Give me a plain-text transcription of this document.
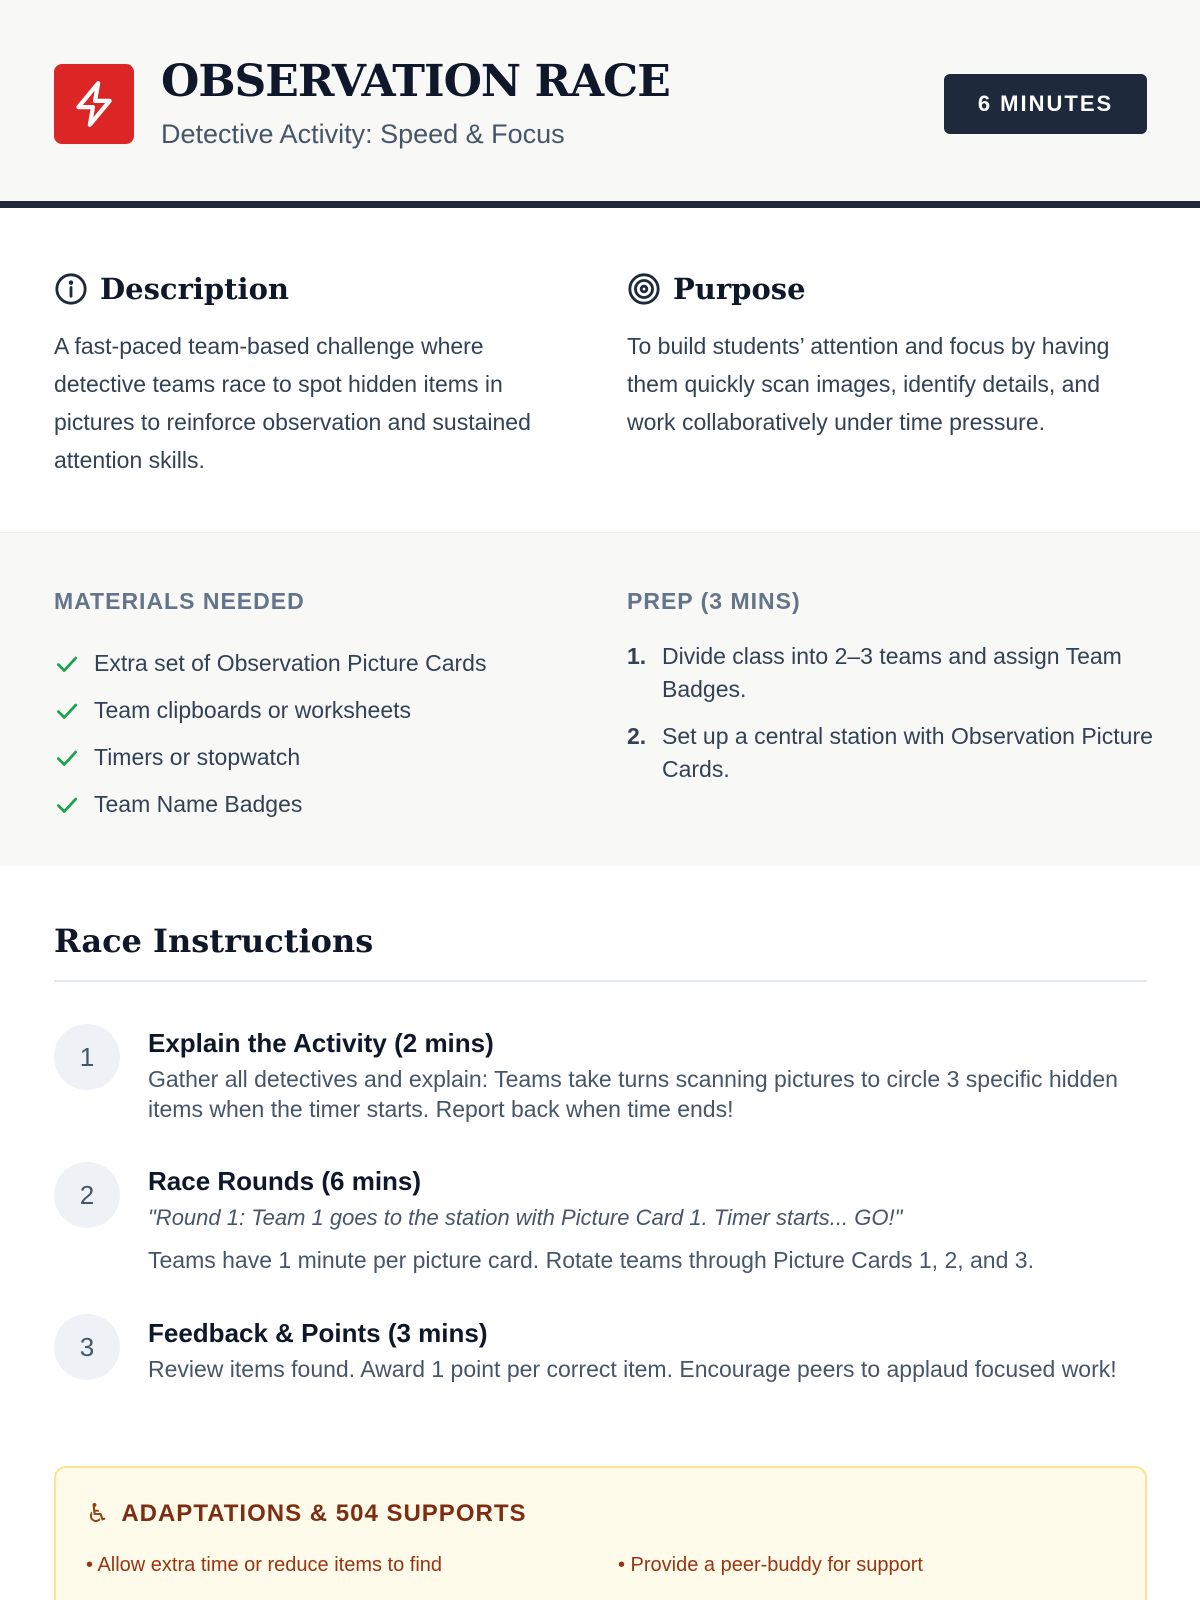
OBSERVATION RACE
Detective Activity: Speed & Focus
6 MINUTES
Description
A fast-paced team-based challenge where detective teams race to spot hidden items in pictures to reinforce observation and sustained attention skills.
Purpose
To build students’ attention and focus by having them quickly scan images, identify details, and work collaboratively under time pressure.
MATERIALS NEEDED
Extra set of Observation Picture Cards
Team clipboards or worksheets
Timers or stopwatch
Team Name Badges
PREP (3 MINS)
1. Divide class into 2–3 teams and assign Team Badges.
2. Set up a central station with Observation Picture Cards.
Race Instructions
1	Explain the Activity (2 mins)
Gather all detectives and explain: Teams take turns scanning pictures to circle 3 specific hidden items when the timer starts. Report back when time ends!
2	Race Rounds (6 mins)
"Round 1: Team 1 goes to the station with Picture Card 1. Timer starts... GO!"
Teams have 1 minute per picture card. Rotate teams through Picture Cards 1, 2, and 3.
3	Feedback & Points (3 mins)
Review items found. Award 1 point per correct item. Encourage peers to applaud focused work!
♿ ADAPTATIONS & 504 SUPPORTS
• Allow extra time or reduce items to find	• Provide a peer-buddy for support
